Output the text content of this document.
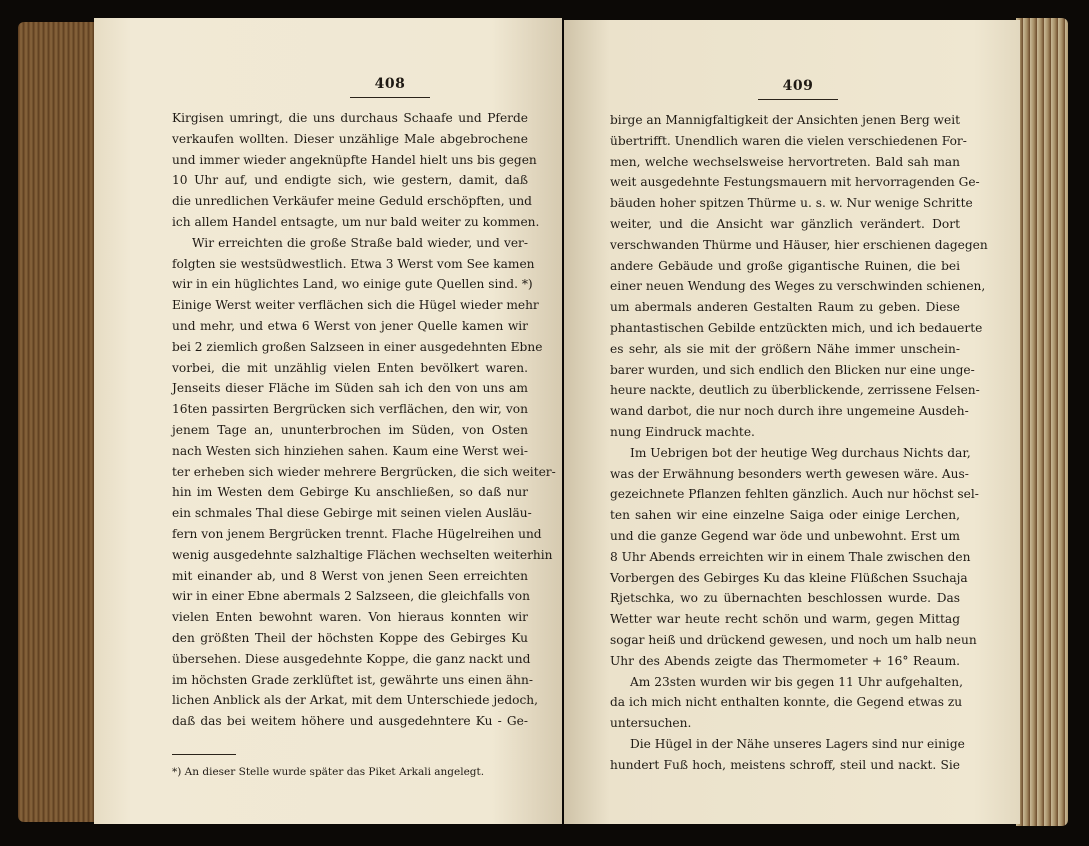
408
Kirgisen umringt, die uns durchaus Schaafe und Pferde
verkaufen wollten. Dieser unzählige Male abgebrochene
und immer wieder angeknüpfte Handel hielt uns bis gegen
10 Uhr auf, und endigte sich, wie gestern, damit, daß
die unredlichen Verkäufer meine Geduld erschöpften, und
ich allem Handel entsagte, um nur bald weiter zu kommen.
Wir erreichten die große Straße bald wieder, und ver-
folgten sie westsüdwestlich. Etwa 3 Werst vom See kamen
wir in ein hüglichtes Land, wo einige gute Quellen sind. *)
Einige Werst weiter verflächen sich die Hügel wieder mehr
und mehr, und etwa 6 Werst von jener Quelle kamen wir
bei 2 ziemlich großen Salzseen in einer ausgedehnten Ebne
vorbei, die mit unzählig vielen Enten bevölkert waren.
Jenseits dieser Fläche im Süden sah ich den von uns am
16ten passirten Bergrücken sich verflächen, den wir, von
jenem Tage an, ununterbrochen im Süden, von Osten
nach Westen sich hinziehen sahen. Kaum eine Werst wei-
ter erheben sich wieder mehrere Bergrücken, die sich weiter-
hin im Westen dem Gebirge Ku anschließen, so daß nur
ein schmales Thal diese Gebirge mit seinen vielen Ausläu-
fern von jenem Bergrücken trennt. Flache Hügelreihen und
wenig ausgedehnte salzhaltige Flächen wechselten weiterhin
mit einander ab, und 8 Werst von jenen Seen erreichten
wir in einer Ebne abermals 2 Salzseen, die gleichfalls von
vielen Enten bewohnt waren. Von hieraus konnten wir
den größten Theil der höchsten Koppe des Gebirges Ku
übersehen. Diese ausgedehnte Koppe, die ganz nackt und
im höchsten Grade zerklüftet ist, gewährte uns einen ähn-
lichen Anblick als der Arkat, mit dem Unterschiede jedoch,
daß das bei weitem höhere und ausgedehntere Ku - Ge-
*) An dieser Stelle wurde später das Piket Arkali angelegt.
409
birge an Mannigfaltigkeit der Ansichten jenen Berg weit
übertrifft. Unendlich waren die vielen verschiedenen For-
men, welche wechselsweise hervortreten. Bald sah man
weit ausgedehnte Festungsmauern mit hervorragenden Ge-
bäuden hoher spitzen Thürme u. s. w. Nur wenige Schritte
weiter, und die Ansicht war gänzlich verändert. Dort
verschwanden Thürme und Häuser, hier erschienen dagegen
andere Gebäude und große gigantische Ruinen, die bei
einer neuen Wendung des Weges zu verschwinden schienen,
um abermals anderen Gestalten Raum zu geben. Diese
phantastischen Gebilde entzückten mich, und ich bedauerte
es sehr, als sie mit der größern Nähe immer unschein-
barer wurden, und sich endlich den Blicken nur eine unge-
heure nackte, deutlich zu überblickende, zerrissene Felsen-
wand darbot, die nur noch durch ihre ungemeine Ausdeh-
nung Eindruck machte.
Im Uebrigen bot der heutige Weg durchaus Nichts dar,
was der Erwähnung besonders werth gewesen wäre. Aus-
gezeichnete Pflanzen fehlten gänzlich. Auch nur höchst sel-
ten sahen wir eine einzelne Saiga oder einige Lerchen,
und die ganze Gegend war öde und unbewohnt. Erst um
8 Uhr Abends erreichten wir in einem Thale zwischen den
Vorbergen des Gebirges Ku das kleine Flüßchen Ssuchaja
Rjetschka, wo zu übernachten beschlossen wurde. Das
Wetter war heute recht schön und warm, gegen Mittag
sogar heiß und drückend gewesen, und noch um halb neun
Uhr des Abends zeigte das Thermometer + 16° Reaum.
Am 23sten wurden wir bis gegen 11 Uhr aufgehalten,
da ich mich nicht enthalten konnte, die Gegend etwas zu
untersuchen.
Die Hügel in der Nähe unseres Lagers sind nur einige
hundert Fuß hoch, meistens schroff, steil und nackt. Sie
